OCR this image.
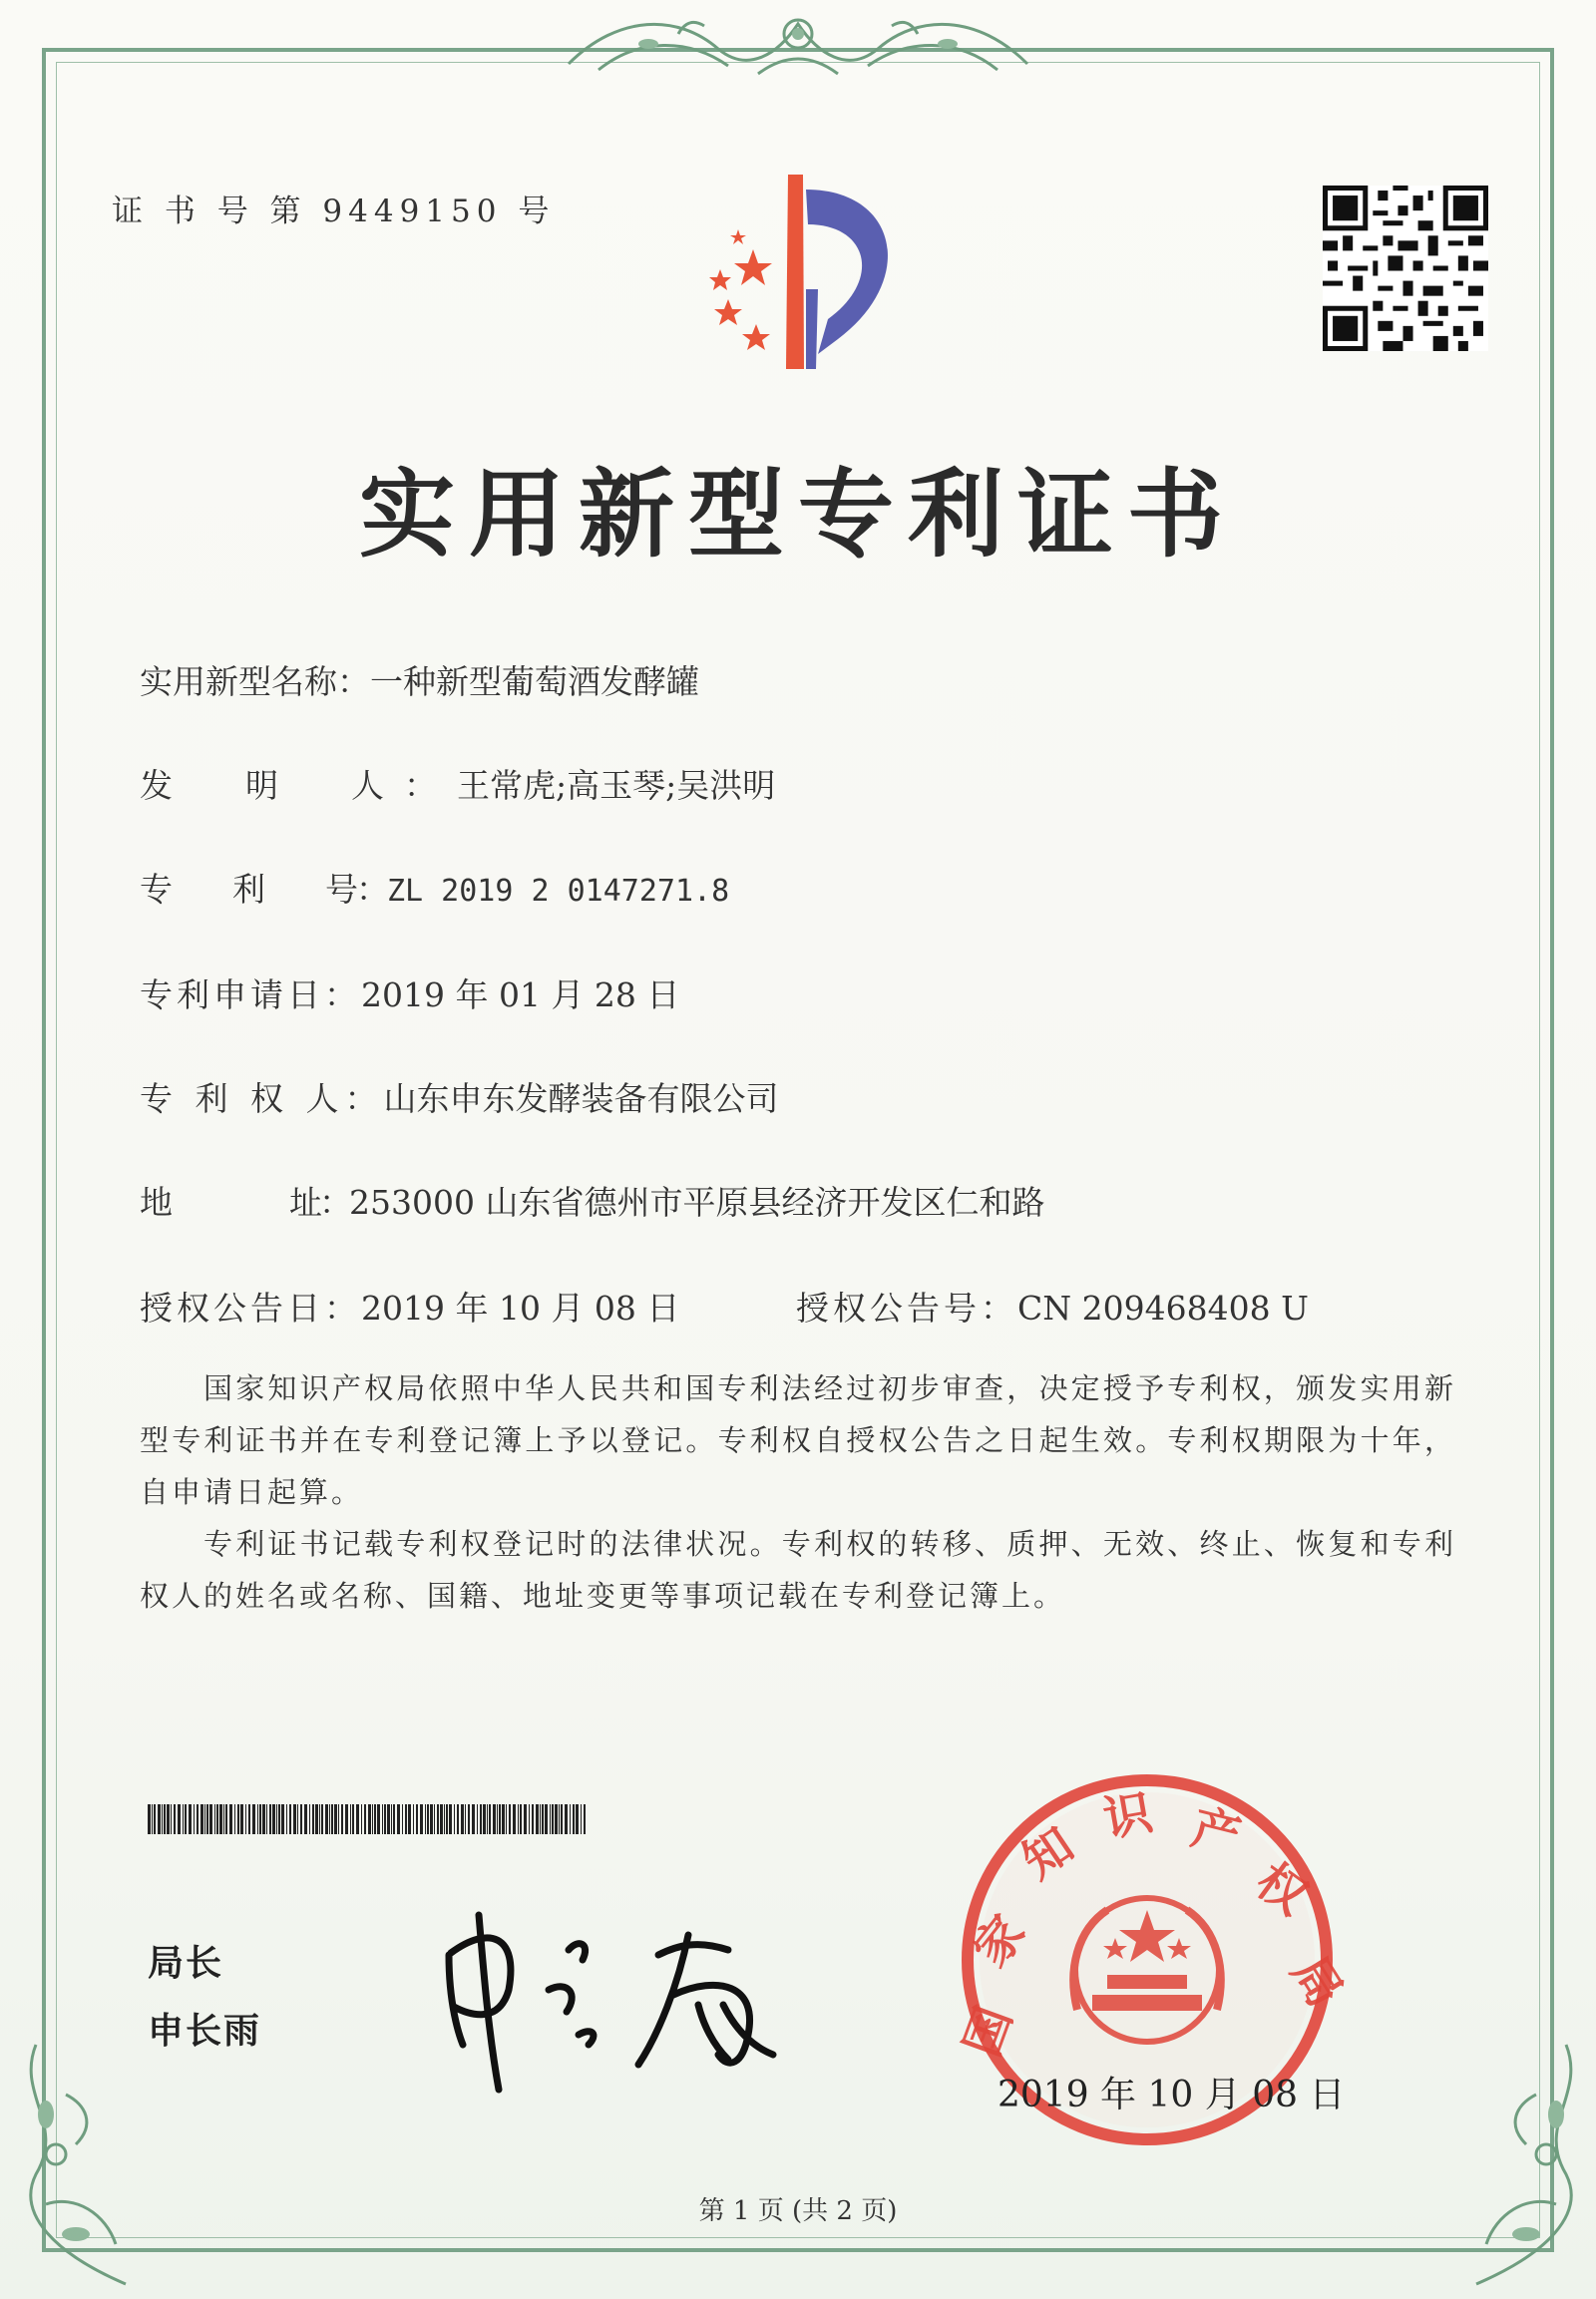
证 书 号 第 9449150 号
实用新型专利证书
实用新型名称：一种新型葡萄酒发酵罐
发　明　人：王常虎;高玉琴;吴洪明
专　　利　　号：ZL 2019 2 0147271.8
专利申请日：2019 年 01 月 28 日
专 利 权 人：山东申东发酵装备有限公司
地　　　　址：253000 山东省德州市平原县经济开发区仁和路
授权公告日：2019 年 10 月 08 日	授权公告号：CN 209468408 U
国家知识产权局依照中华人民共和国专利法经过初步审查，决定授予专利权，颁发实用新型专利证书并在专利登记簿上予以登记。专利权自授权公告之日起生效。专利权期限为十年，自申请日起算。
专利证书记载专利权登记时的法律状况。专利权的转移、质押、无效、终止、恢复和专利权人的姓名或名称、国籍、地址变更等事项记载在专利登记簿上。
局长
申长雨	国
家
知
识 产
权
局
2019 年 10 月 08 日
第 1 页 (共 2 页)
